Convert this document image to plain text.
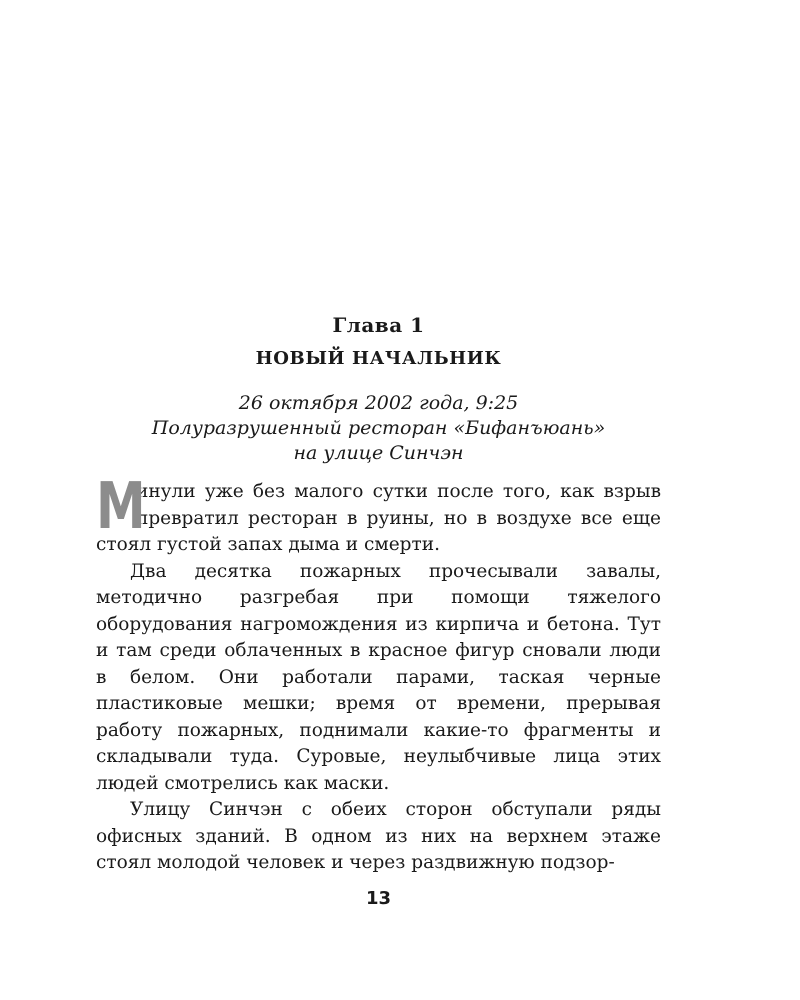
Глава 1
НОВЫЙ НАЧАЛЬНИК
26 октября 2002 года, 9:25
Полуразрушенный ресторан «Бифанъюань»
на улице Синчэн

М
инули уже без малого сутки после того, как взрыв превратил ресторан в руины, но в воздухе все еще стоял густой запах дыма и смерти.

Два десятка пожарных прочесывали завалы, методично разгребая при помощи тяжелого оборудования нагромождения из кирпича и бетона. Тут и там среди облаченных в красное фигур сновали люди в белом. Они работали парами, таская черные пластиковые мешки; время от времени, прерывая работу пожарных, поднимали какие-то фрагменты и складывали туда. Суровые, неулыбчивые лица этих людей смотрелись как маски.

Улицу Синчэн с обеих сторон обступали ряды офисных зданий. В одном из них на верхнем этаже стоял молодой человек и через раздвижную подзор-

13
